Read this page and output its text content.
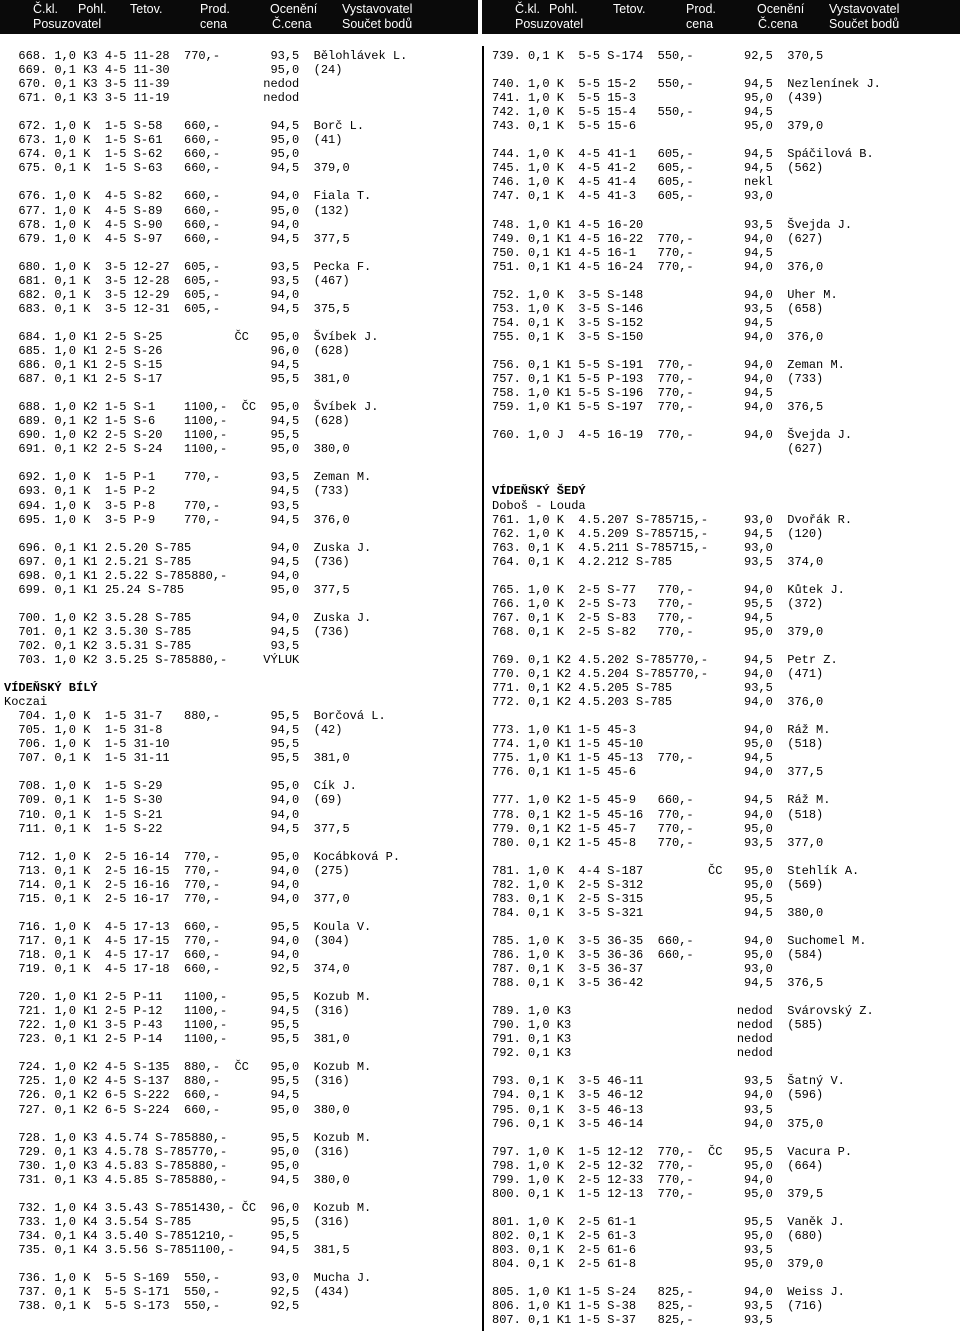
Č.kl. Pohl. Tetov.	Prod.	Ocenění Vystavovatel
Posuzovatel	cena	Č.cena Součet bodů
Č.kl. Pohl.	Tetov.	Prod.	Ocenění Vystavovatel
Posuzovatel	cena	Č.cena	Součet bodů
668. 1,0 K3 4-5 11-28  770,-       93,5  Bělohlávek L.
669. 0,1 K3 4-5 11-30              95,0  (24)
670. 0,1 K3 3-5 11-39             nedod
671. 0,1 K3 3-5 11-19             nedod
672. 1,0 K  1-5 S-58   660,-       94,5  Borč L.
673. 1,0 K  1-5 S-61   660,-       95,0  (41)
674. 0,1 K  1-5 S-62   660,-       95,0
675. 0,1 K  1-5 S-63   660,-       94,5  379,0
676. 1,0 K  4-5 S-82   660,-       94,0  Fiala T.
677. 1,0 K  4-5 S-89   660,-       95,0  (132)
678. 1,0 K  4-5 S-90   660,-       94,0
679. 1,0 K  4-5 S-97   660,-       94,5  377,5
680. 1,0 K  3-5 12-27  605,-       93,5  Pecka F.
681. 0,1 K  3-5 12-28  605,-       93,5  (467)
682. 0,1 K  3-5 12-29  605,-       94,0
683. 0,1 K  3-5 12-31  605,-       94,5  375,5
684. 1,0 K1 2-5 S-25          ČC   95,0  Švíbek J.
685. 1,0 K1 2-5 S-26               96,0  (628)
686. 0,1 K1 2-5 S-15               94,5
687. 0,1 K1 2-5 S-17               95,5  381,0
688. 1,0 K2 1-5 S-1    1100,-  ČC  95,0  Švíbek J.
689. 0,1 K2 1-5 S-6    1100,-      94,5  (628)
690. 1,0 K2 2-5 S-20   1100,-      95,5
691. 0,1 K2 2-5 S-24   1100,-      95,0  380,0
692. 1,0 K  1-5 P-1    770,-       93,5  Zeman M.
693. 0,1 K  1-5 P-2                94,5  (733)
694. 1,0 K  3-5 P-8    770,-       93,5
695. 1,0 K  3-5 P-9    770,-       94,5  376,0
696. 0,1 K1 2.5.20 S-785           94,0  Zuska J.
697. 0,1 K1 2.5.21 S-785           94,5  (736)
698. 0,1 K1 2.5.22 S-785880,-      94,0
699. 0,1 K1 25.24 S-785            95,0  377,5
700. 1,0 K2 3.5.28 S-785           94,0  Zuska J.
701. 0,1 K2 3.5.30 S-785           94,5  (736)
702. 0,1 K2 3.5.31 S-785           93,5
703. 1,0 K2 3.5.25 S-785880,-     VÝLUK
VÍDEŇSKÝ BÍLÝ
Koczai
704. 1,0 K  1-5 31-7   880,-       95,5  Borčová L.
705. 1,0 K  1-5 31-8               94,5  (42)
706. 1,0 K  1-5 31-10              95,5
707. 0,1 K  1-5 31-11              95,5  381,0
708. 1,0 K  1-5 S-29               95,0  Cík J.
709. 0,1 K  1-5 S-30               94,0  (69)
710. 0,1 K  1-5 S-21               94,0
711. 0,1 K  1-5 S-22               94,5  377,5
712. 1,0 K  2-5 16-14  770,-       95,0  Kocábková P.
713. 0,1 K  2-5 16-15  770,-       94,0  (275)
714. 0,1 K  2-5 16-16  770,-       94,0
715. 0,1 K  2-5 16-17  770,-       94,0  377,0
716. 1,0 K  4-5 17-13  660,-       95,5  Koula V.
717. 0,1 K  4-5 17-15  770,-       94,0  (304)
718. 0,1 K  4-5 17-17  660,-       94,0
719. 0,1 K  4-5 17-18  660,-       92,5  374,0
720. 1,0 K1 2-5 P-11   1100,-      95,5  Kozub M.
721. 1,0 K1 2-5 P-12   1100,-      94,5  (316)
722. 1,0 K1 3-5 P-43   1100,-      95,5
723. 0,1 K1 2-5 P-14   1100,-      95,5  381,0
724. 1,0 K2 4-5 S-135  880,-  ČC   95,0  Kozub M.
725. 1,0 K2 4-5 S-137  880,-       95,5  (316)
726. 0,1 K2 6-5 S-222  660,-       94,5
727. 0,1 K2 6-5 S-224  660,-       95,0  380,0
728. 1,0 K3 4.5.74 S-785880,-      95,5  Kozub M.
729. 0,1 K3 4.5.78 S-785770,-      95,0  (316)
730. 1,0 K3 4.5.83 S-785880,-      95,0
731. 0,1 K3 4.5.85 S-785880,-      94,5  380,0
732. 1,0 K4 3.5.43 S-7851430,- ČC  96,0  Kozub M.
733. 1,0 K4 3.5.54 S-785           95,5  (316)
734. 0,1 K4 3.5.40 S-7851210,-     95,5
735. 0,1 K4 3.5.56 S-7851100,-     94,5  381,5
736. 1,0 K  5-5 S-169  550,-       93,0  Mucha J.
737. 0,1 K  5-5 S-171  550,-       92,5  (434)
738. 0,1 K  5-5 S-173  550,-       92,5
739. 0,1 K  5-5 S-174  550,-       92,5  370,5
740. 1,0 K  5-5 15-2   550,-       94,5  Nezlenínek J.
741. 1,0 K  5-5 15-3               95,0  (439)
742. 1,0 K  5-5 15-4   550,-       94,5
743. 0,1 K  5-5 15-6               95,0  379,0
744. 1,0 K  4-5 41-1   605,-       94,5  Spáčilová B.
745. 1,0 K  4-5 41-2   605,-       94,5  (562)
746. 1,0 K  4-5 41-4   605,-       nekl
747. 0,1 K  4-5 41-3   605,-       93,0
748. 1,0 K1 4-5 16-20              93,5  Švejda J.
749. 0,1 K1 4-5 16-22  770,-       94,0  (627)
750. 0,1 K1 4-5 16-1   770,-       94,5
751. 0,1 K1 4-5 16-24  770,-       94,0  376,0
752. 1,0 K  3-5 S-148              94,0  Uher M.
753. 1,0 K  3-5 S-146              93,5  (658)
754. 0,1 K  3-5 S-152              94,5
755. 0,1 K  3-5 S-150              94,0  376,0
756. 0,1 K1 5-5 S-191  770,-       94,0  Zeman M.
757. 0,1 K1 5-5 P-193  770,-       94,0  (733)
758. 1,0 K1 5-5 S-196  770,-       94,5
759. 1,0 K1 5-5 S-197  770,-       94,0  376,5
760. 1,0 J  4-5 16-19  770,-       94,0  Švejda J.
(627)
VÍDEŇSKÝ ŠEDÝ
Doboš - Louda
761. 1,0 K  4.5.207 S-785715,-     93,0  Dvořák R.
762. 1,0 K  4.5.209 S-785715,-     94,5  (120)
763. 0,1 K  4.5.211 S-785715,-     93,0
764. 0,1 K  4.2.212 S-785          93,5  374,0
765. 1,0 K  2-5 S-77   770,-       94,0  Kůtek J.
766. 1,0 K  2-5 S-73   770,-       95,5  (372)
767. 0,1 K  2-5 S-83   770,-       94,5
768. 0,1 K  2-5 S-82   770,-       95,0  379,0
769. 0,1 K2 4.5.202 S-785770,-     94,5  Petr Z.
770. 0,1 K2 4.5.204 S-785770,-     94,0  (471)
771. 0,1 K2 4.5.205 S-785          93,5
772. 0,1 K2 4.5.203 S-785          94,0  376,0
773. 1,0 K1 1-5 45-3               94,0  Ráž M.
774. 1,0 K1 1-5 45-10              95,0  (518)
775. 1,0 K1 1-5 45-13  770,-       94,5
776. 0,1 K1 1-5 45-6               94,0  377,5
777. 1,0 K2 1-5 45-9   660,-       94,5  Ráž M.
778. 0,1 K2 1-5 45-16  770,-       94,0  (518)
779. 0,1 K2 1-5 45-7   770,-       95,0
780. 0,1 K2 1-5 45-8   770,-       93,5  377,0
781. 1,0 K  4-4 S-187         ČC   95,0  Stehlík A.
782. 1,0 K  2-5 S-312              95,0  (569)
783. 0,1 K  2-5 S-315              95,5
784. 0,1 K  3-5 S-321              94,5  380,0
785. 1,0 K  3-5 36-35  660,-       94,0  Suchomel M.
786. 1,0 K  3-5 36-36  660,-       95,0  (584)
787. 0,1 K  3-5 36-37              93,0
788. 0,1 K  3-5 36-42              94,5  376,5
789. 1,0 K3                       nedod  Svárovský Z.
790. 1,0 K3                       nedod  (585)
791. 0,1 K3                       nedod
792. 0,1 K3                       nedod
793. 0,1 K  3-5 46-11              93,5  Šatný V.
794. 0,1 K  3-5 46-12              94,0  (596)
795. 0,1 K  3-5 46-13              93,5
796. 0,1 K  3-5 46-14              94,0  375,0
797. 1,0 K  1-5 12-12  770,-  ČC   95,5  Vacura P.
798. 1,0 K  2-5 12-32  770,-       95,0  (664)
799. 1,0 K  2-5 12-33  770,-       94,0
800. 0,1 K  1-5 12-13  770,-       95,0  379,5
801. 1,0 K  2-5 61-1               95,5  Vaněk J.
802. 0,1 K  2-5 61-3               95,0  (680)
803. 0,1 K  2-5 61-6               93,5
804. 0,1 K  2-5 61-8               95,0  379,0
805. 1,0 K1 1-5 S-24   825,-       94,0  Weiss J.
806. 1,0 K1 1-5 S-38   825,-       93,5  (716)
807. 0,1 K1 1-5 S-37   825,-       93,5
